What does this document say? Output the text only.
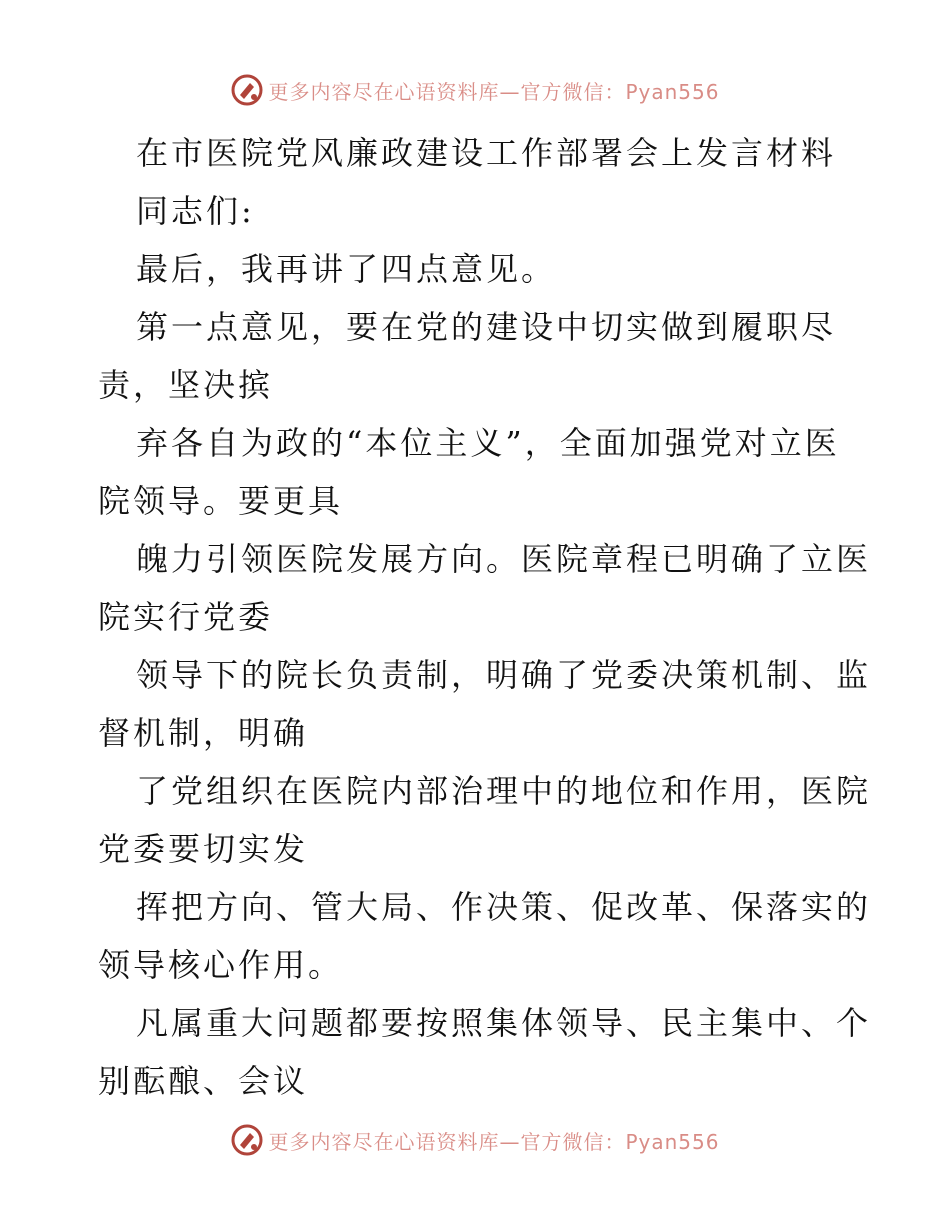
更多内容尽在心语资料库—官方微信：Pyan556
在市医院党风廉政建设工作部署会上发言材料
同志们:
最后，我再讲了四点意见。
第一点意见，要在党的建设中切实做到履职尽
责，坚决摈
弃各自为政的“本位主义”，全面加强党对立医
院领导。要更具
魄力引领医院发展方向。医院章程已明确了立医
院实行党委
领导下的院长负责制，明确了党委决策机制、监
督机制，明确
了党组织在医院内部治理中的地位和作用，医院
党委要切实发
挥把方向、管大局、作决策、促改革、保落实的
领导核心作用。
凡属重大问题都要按照集体领导、民主集中、个
别酝酿、会议
更多内容尽在心语资料库—官方微信：Pyan556
